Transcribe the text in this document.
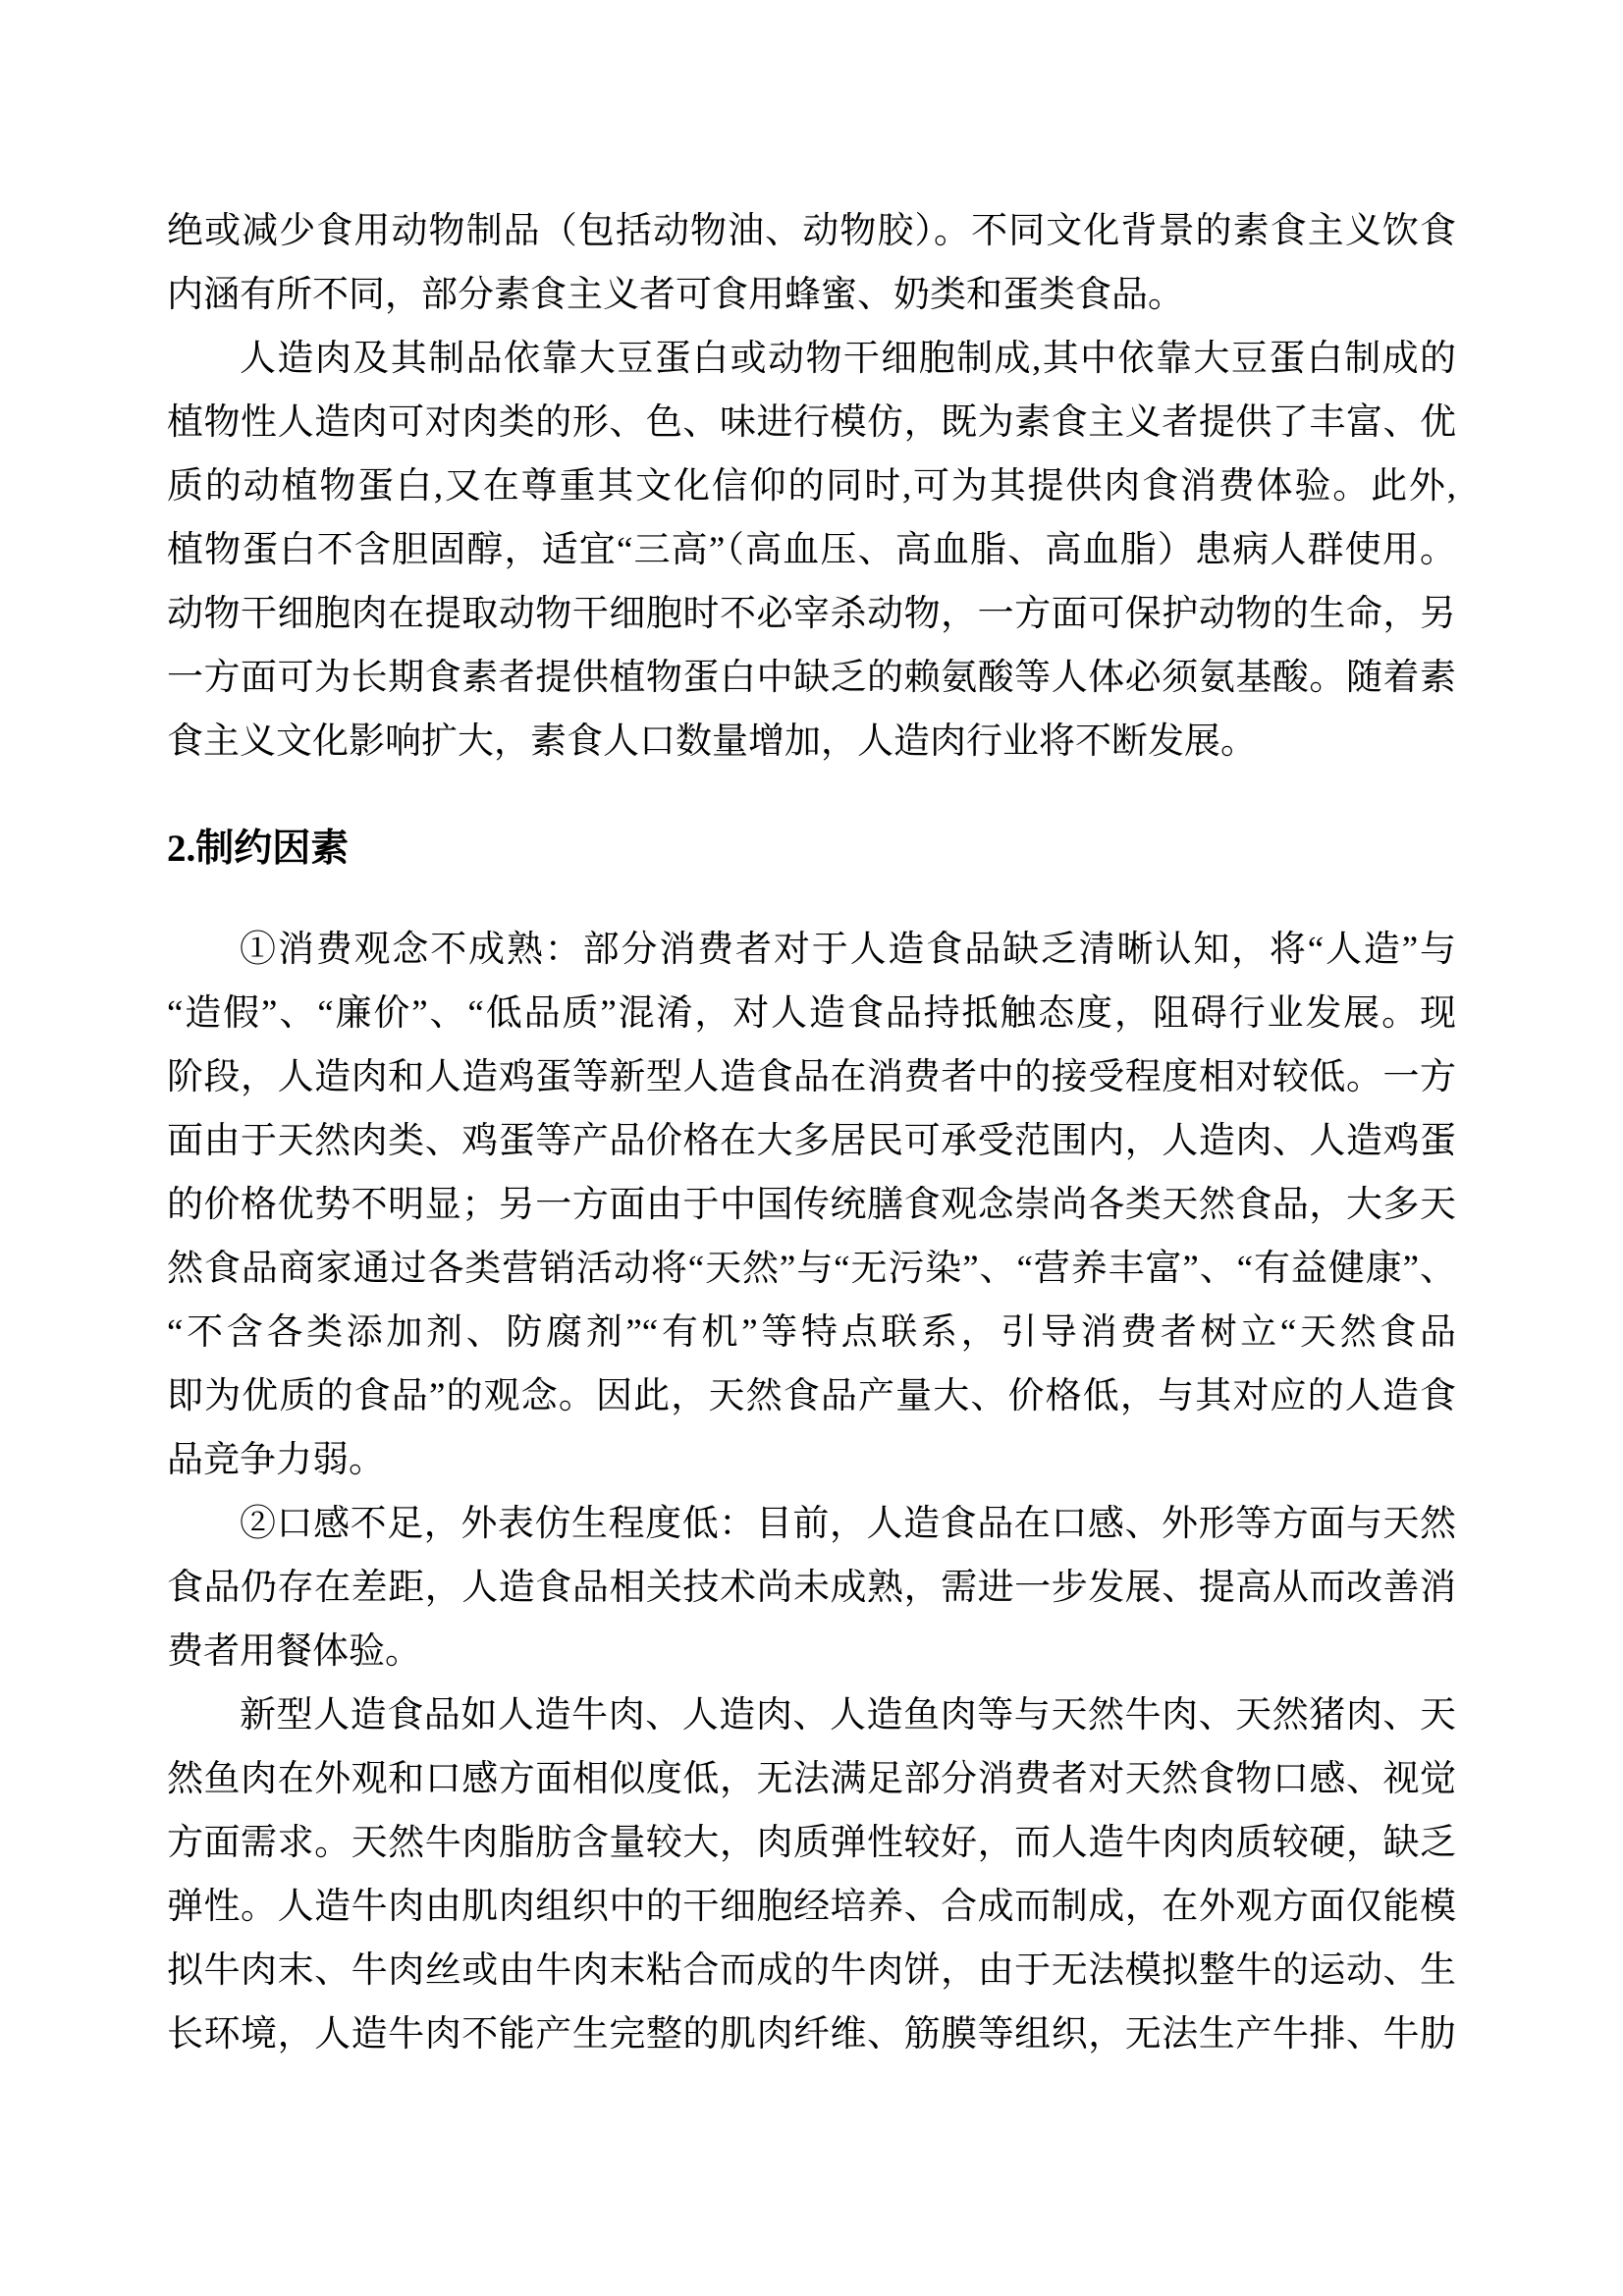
绝或减少食用动物制品（包括动物油、动物胶）。不同文化背景的素食主义饮食
内涵有所不同，部分素食主义者可食用蜂蜜、奶类和蛋类食品。
人造肉及其制品依靠大豆蛋白或动物干细胞制成,其中依靠大豆蛋白制成的
植物性人造肉可对肉类的形、色、味进行模仿，既为素食主义者提供了丰富、优
质的动植物蛋白,又在尊重其文化信仰的同时,可为其提供肉食消费体验。此外,
植物蛋白不含胆固醇，适宜“三高”（高血压、高血脂、高血脂）患病人群使用。
动物干细胞肉在提取动物干细胞时不必宰杀动物，一方面可保护动物的生命，另
一方面可为长期食素者提供植物蛋白中缺乏的赖氨酸等人体必须氨基酸。随着素
食主义文化影响扩大，素食人口数量增加，人造肉行业将不断发展。
2.制约因素
①消费观念不成熟：部分消费者对于人造食品缺乏清晰认知，将“人造”与
“造假”、“廉价”、“低品质”混淆，对人造食品持抵触态度，阻碍行业发展。现
阶段，人造肉和人造鸡蛋等新型人造食品在消费者中的接受程度相对较低。一方
面由于天然肉类、鸡蛋等产品价格在大多居民可承受范围内，人造肉、人造鸡蛋
的价格优势不明显；另一方面由于中国传统膳食观念崇尚各类天然食品，大多天
然食品商家通过各类营销活动将“天然”与“无污染”、“营养丰富”、“有益健康”、
“不含各类添加剂、防腐剂”“有机”等特点联系，引导消费者树立“天然食品
即为优质的食品”的观念。因此，天然食品产量大、价格低，与其对应的人造食
品竞争力弱。
②口感不足，外表仿生程度低：目前，人造食品在口感、外形等方面与天然
食品仍存在差距，人造食品相关技术尚未成熟，需进一步发展、提高从而改善消
费者用餐体验。
新型人造食品如人造牛肉、人造肉、人造鱼肉等与天然牛肉、天然猪肉、天
然鱼肉在外观和口感方面相似度低，无法满足部分消费者对天然食物口感、视觉
方面需求。天然牛肉脂肪含量较大，肉质弹性较好，而人造牛肉肉质较硬，缺乏
弹性。人造牛肉由肌肉组织中的干细胞经培养、合成而制成，在外观方面仅能模
拟牛肉末、牛肉丝或由牛肉末粘合而成的牛肉饼，由于无法模拟整牛的运动、生
长环境，人造牛肉不能产生完整的肌肉纤维、筋膜等组织，无法生产牛排、牛肋
